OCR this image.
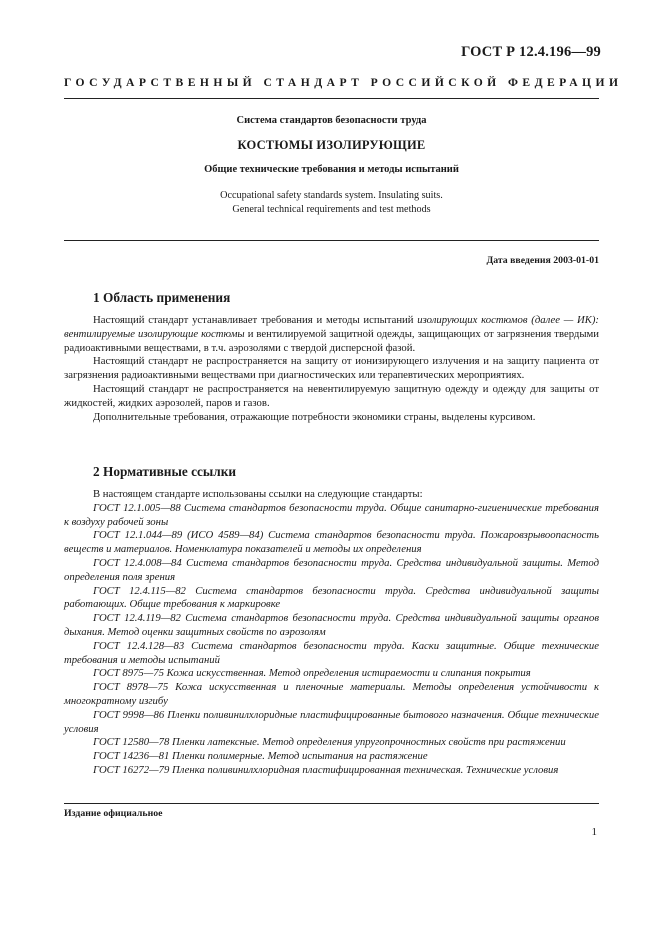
ГОСТ Р 12.4.196—99
ГОСУДАРСТВЕННЫЙ СТАНДАРТ РОССИЙСКОЙ ФЕДЕРАЦИИ
Система стандартов безопасности труда
КОСТЮМЫ ИЗОЛИРУЮЩИЕ
Общие технические требования и методы испытаний
Occupational safety standards system. Insulating suits.
General technical requirements and test methods
Дата введения 2003-01-01
1 Область применения

Настоящий стандарт устанавливает требования и методы испытаний изолирующих костюмов (далее — ИК): вентилируемые изолирующие костюмы и вентилируемой защитной одежды, защищающих от загрязнения твердыми радиоактивными веществами, в т.ч. аэрозолями с твердой дисперсной фазой.

Настоящий стандарт не распространяется на защиту от ионизирующего излучения и на защиту пациента от загрязнения радиоактивными веществами при диагностических или терапевтических мероприятиях.

Настоящий стандарт не распространяется на невентилируемую защитную одежду и одежду для защиты от жидкостей, жидких аэрозолей, паров и газов.

Дополнительные требования, отражающие потребности экономики страны, выделены курсивом.

2 Нормативные ссылки

В настоящем стандарте использованы ссылки на следующие стандарты:

ГОСТ 12.1.005—88 Система стандартов безопасности труда. Общие санитарно-гигиенические требования к воздуху рабочей зоны

ГОСТ 12.1.044—89 (ИСО 4589—84) Система стандартов безопасности труда. Пожаровзрывоопасность веществ и материалов. Номенклатура показателей и методы их определения

ГОСТ 12.4.008—84 Система стандартов безопасности труда. Средства индивидуальной защиты. Метод определения поля зрения

ГОСТ 12.4.115—82 Система стандартов безопасности труда. Средства индивидуальной защиты работающих. Общие требования к маркировке

ГОСТ 12.4.119—82 Система стандартов безопасности труда. Средства индивидуальной защиты органов дыхания. Метод оценки защитных свойств по аэрозолям

ГОСТ 12.4.128—83 Система стандартов безопасности труда. Каски защитные. Общие технические требования и методы испытаний

ГОСТ 8975—75 Кожа искусственная. Метод определения истираемости и слипания покрытия

ГОСТ 8978—75 Кожа искусственная и пленочные материалы. Методы определения устойчивости к многократному изгибу

ГОСТ 9998—86 Пленки поливинилхлоридные пластифицированные бытового назначения. Общие технические условия

ГОСТ 12580—78 Пленки латексные. Метод определения упругопрочностных свойств при растяжении

ГОСТ 14236—81 Пленки полимерные. Метод испытания на растяжение

ГОСТ 16272—79 Пленка поливинилхлоридная пластифицированная техническая. Технические условия

Издание официальное
1
